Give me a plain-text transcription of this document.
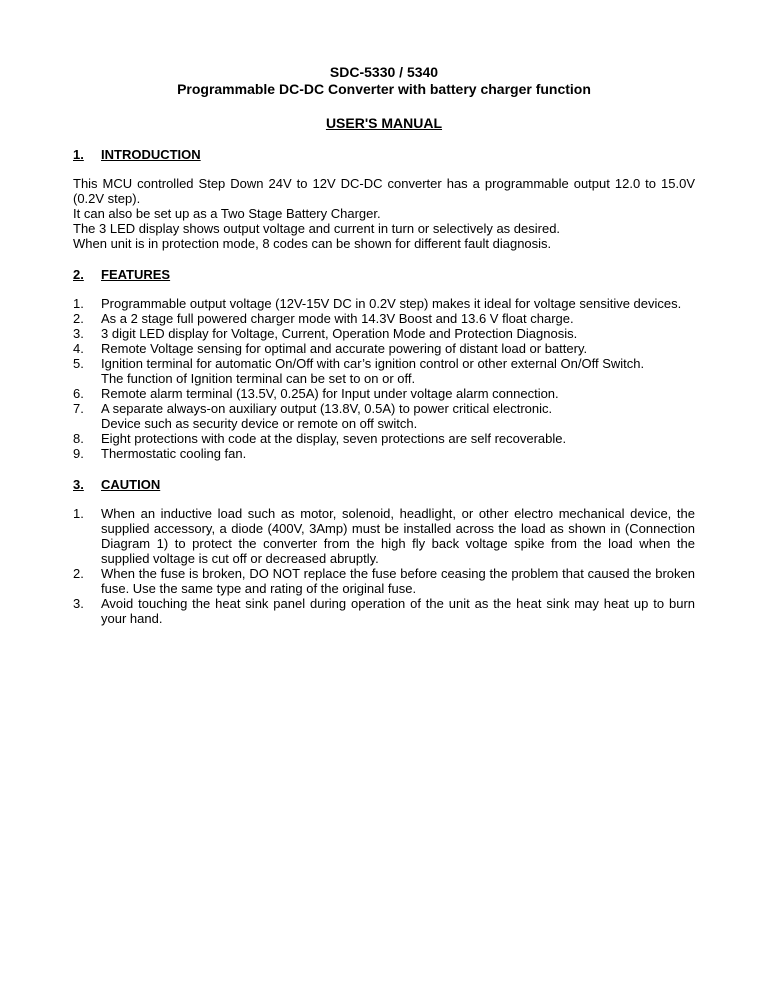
SDC-5330 / 5340
Programmable DC-DC Converter with battery charger function
USER'S MANUAL
1.	INTRODUCTION

This MCU controlled Step Down 24V to 12V DC-DC converter has a programmable output 12.0 to 15.0V (0.2V step).

It can also be set up as a Two Stage Battery Charger.

The 3 LED display shows output voltage and current in turn or selectively as desired.

When unit is in protection mode, 8 codes can be shown for different fault diagnosis.

2.	FEATURES
1.	Programmable output voltage (12V-15V DC in 0.2V step) makes it ideal for voltage sensitive devices.
2.	As a 2 stage full powered charger mode with 14.3V Boost and 13.6 V float charge.
3.	3 digit LED display for Voltage, Current, Operation Mode and Protection Diagnosis.
4.	Remote Voltage sensing for optimal and accurate powering of distant load or battery.
5.	Ignition terminal for automatic On/Off with car’s ignition control or other external On/Off Switch.
The function of Ignition terminal can be set to on or off.
6.	Remote alarm terminal (13.5V, 0.25A) for Input under voltage alarm connection.
7.	A separate always-on auxiliary output (13.8V, 0.5A) to power critical electronic.
Device such as security device or remote on off switch.
8.	Eight protections with code at the display, seven protections are self recoverable.
9.	Thermostatic cooling fan.
3.	CAUTION
1.	When an inductive load such as motor, solenoid, headlight, or other electro mechanical device, the supplied accessory, a diode (400V, 3Amp) must be installed across the load as shown in (Connection Diagram 1) to protect the converter from the high fly back voltage spike from the load when the supplied voltage is cut off or decreased abruptly.
2.	When the fuse is broken, DO NOT replace the fuse before ceasing the problem that caused the broken fuse. Use the same type and rating of the original fuse.
3.	Avoid touching the heat sink panel during operation of the unit as the heat sink may heat up to burn your hand.
